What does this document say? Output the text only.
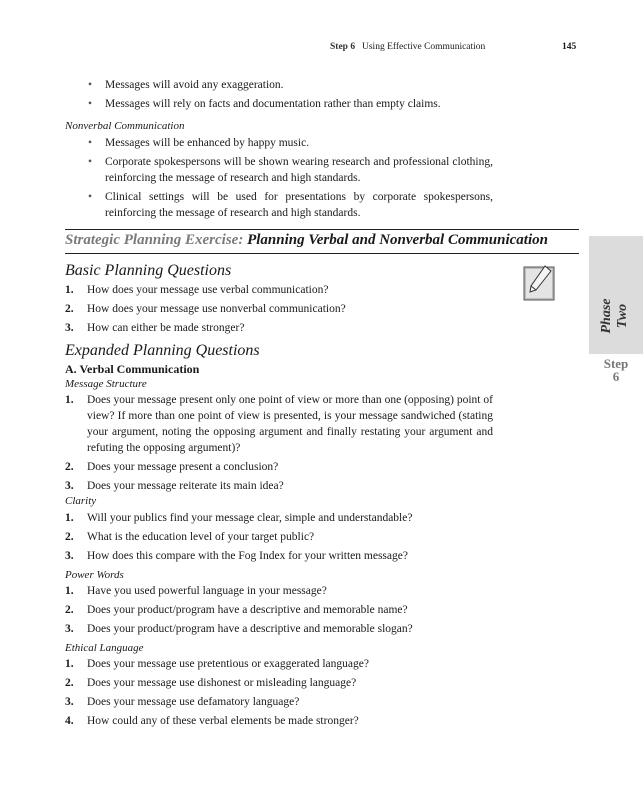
Step 6 Using Effective Communication	145
• Messages will avoid any exaggeration.
• Messages will rely on facts and documentation rather than empty claims.
Nonverbal Communication
• Messages will be enhanced by happy music.
• Corporate spokespersons will be shown wearing research and professional clothing, reinforcing the message of research and high standards.
• Clinical settings will be used for presentations by corporate spokespersons, reinforcing the message of research and high standards.
Strategic Planning Exercise: Planning Verbal and Nonverbal Communication
Phase Two
Step
6
Basic Planning Questions
1. How does your message use verbal communication?
2. How does your message use nonverbal communication?
3. How can either be made stronger?
Expanded Planning Questions
A. Verbal Communication
Message Structure
1. Does your message present only one point of view or more than one (opposing) point of view? If more than one point of view is presented, is your message sandwiched (stating your argument, noting the opposing argument and finally restating your argument and refuting the opposing argument)?
2. Does your message present a conclusion?
3. Does your message reiterate its main idea?
Clarity
1. Will your publics find your message clear, simple and understandable?
2. What is the education level of your target public?
3. How does this compare with the Fog Index for your written message?
Power Words
1. Have you used powerful language in your message?
2. Does your product/program have a descriptive and memorable name?
3. Does your product/program have a descriptive and memorable slogan?
Ethical Language
1. Does your message use pretentious or exaggerated language?
2. Does your message use dishonest or misleading language?
3. Does your message use defamatory language?
4. How could any of these verbal elements be made stronger?
